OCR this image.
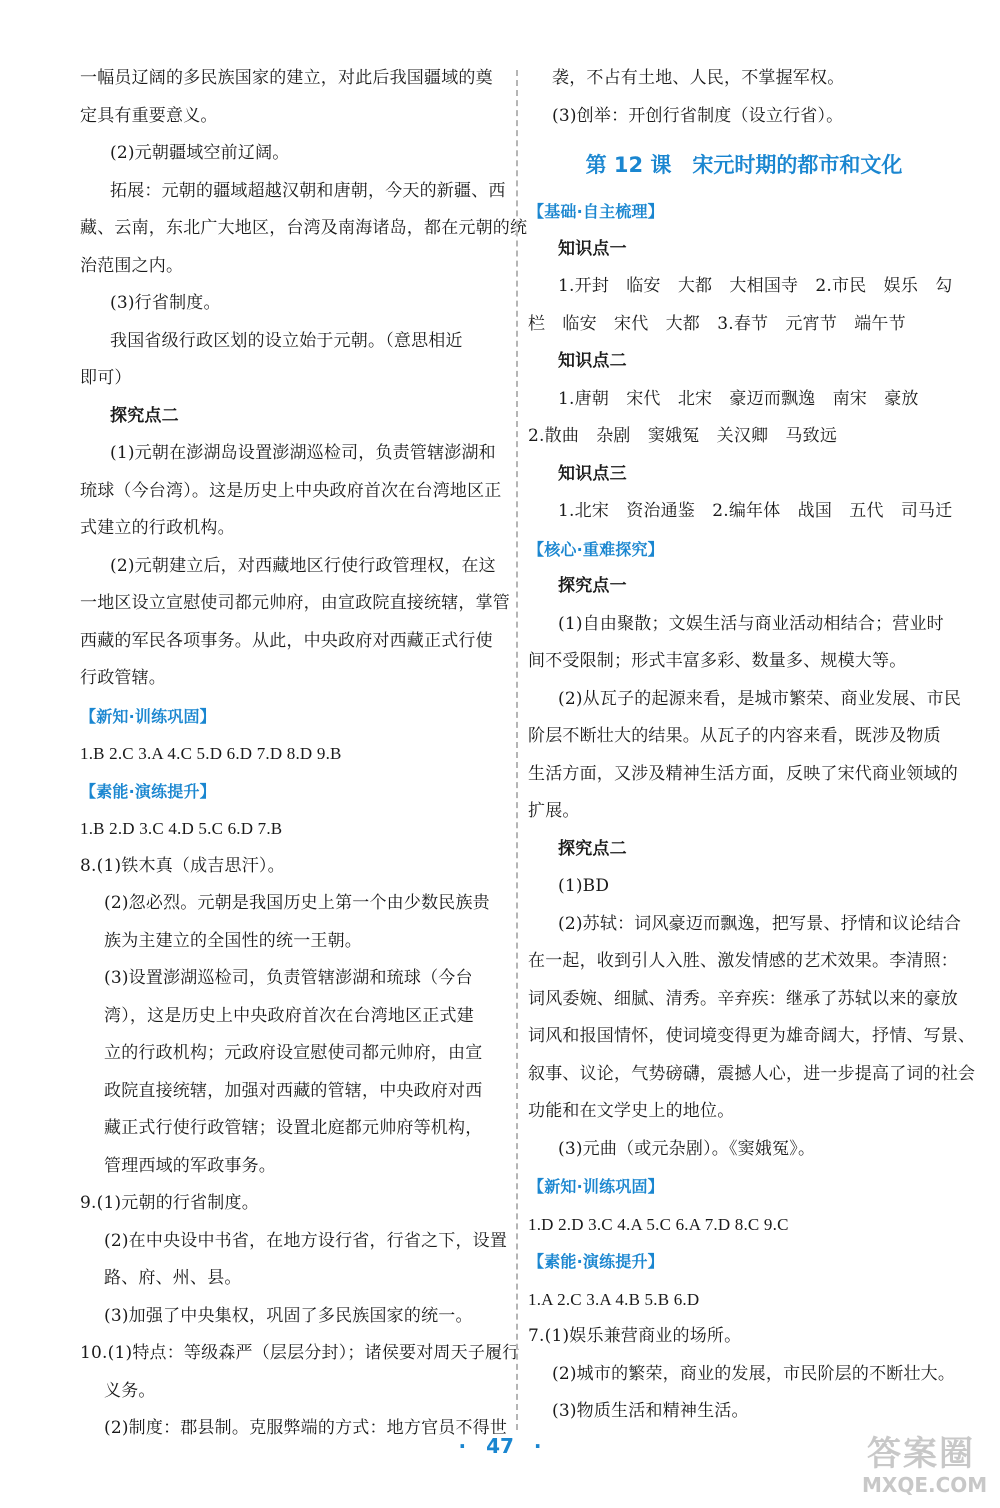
一幅员辽阔的多民族国家的建立，对此后我国疆域的奠
定具有重要意义。
(2)元朝疆域空前辽阔。
拓展：元朝的疆域超越汉朝和唐朝，今天的新疆、西
藏、云南，东北广大地区，台湾及南海诸岛，都在元朝的统
治范围之内。
(3)行省制度。
我国省级行政区划的设立始于元朝。（意思相近
即可）
探究点二
(1)元朝在澎湖岛设置澎湖巡检司，负责管辖澎湖和
琉球（今台湾）。这是历史上中央政府首次在台湾地区正
式建立的行政机构。
(2)元朝建立后，对西藏地区行使行政管理权，在这
一地区设立宣慰使司都元帅府，由宣政院直接统辖，掌管
西藏的军民各项事务。从此，中央政府对西藏正式行使
行政管辖。
【新知·训练巩固】
1.B 2.C 3.A 4.C 5.D 6.D 7.D 8.D 9.B
【素能·演练提升】
1.B 2.D 3.C 4.D 5.C 6.D 7.B
8.(1)铁木真（成吉思汗）。
(2)忽必烈。元朝是我国历史上第一个由少数民族贵
族为主建立的全国性的统一王朝。
(3)设置澎湖巡检司，负责管辖澎湖和琉球（今台
湾），这是历史上中央政府首次在台湾地区正式建
立的行政机构；元政府设宣慰使司都元帅府，由宣
政院直接统辖，加强对西藏的管辖，中央政府对西
藏正式行使行政管辖；设置北庭都元帅府等机构，
管理西域的军政事务。
9.(1)元朝的行省制度。
(2)在中央设中书省，在地方设行省，行省之下，设置
路、府、州、县。
(3)加强了中央集权，巩固了多民族国家的统一。
10.(1)特点：等级森严（层层分封）；诸侯要对周天子履行
义务。
(2)制度：郡县制。克服弊端的方式：地方官员不得世
袭，不占有土地、人民，不掌握军权。
(3)创举：开创行省制度（设立行省）。
第 12 课　宋元时期的都市和文化
【基础·自主梳理】
知识点一
1.开封　临安　大都　大相国寺　2.市民　娱乐　勾
栏　临安　宋代　大都　3.春节　元宵节　端午节
知识点二
1.唐朝　宋代　北宋　豪迈而飘逸　南宋　豪放
2.散曲　杂剧　窦娥冤　关汉卿　马致远
知识点三
1.北宋　资治通鉴　2.编年体　战国　五代　司马迁
【核心·重难探究】
探究点一
(1)自由聚散；文娱生活与商业活动相结合；营业时
间不受限制；形式丰富多彩、数量多、规模大等。
(2)从瓦子的起源来看，是城市繁荣、商业发展、市民
阶层不断壮大的结果。从瓦子的内容来看，既涉及物质
生活方面，又涉及精神生活方面，反映了宋代商业领域的
扩展。
探究点二
(1)BD
(2)苏轼：词风豪迈而飘逸，把写景、抒情和议论结合
在一起，收到引人入胜、激发情感的艺术效果。李清照：
词风委婉、细腻、清秀。辛弃疾：继承了苏轼以来的豪放
词风和报国情怀，使词境变得更为雄奇阔大，抒情、写景、
叙事、议论，气势磅礴，震撼人心，进一步提高了词的社会
功能和在文学史上的地位。
(3)元曲（或元杂剧）。《窦娥冤》。
【新知·训练巩固】
1.D 2.D 3.C 4.A 5.C 6.A 7.D 8.C 9.C
【素能·演练提升】
1.A 2.C 3.A 4.B 5.B 6.D
7.(1)娱乐兼营商业的场所。
(2)城市的繁荣，商业的发展，市民阶层的不断壮大。
(3)物质生活和精神生活。
·　47　·	答案圈
MXQE.COM
